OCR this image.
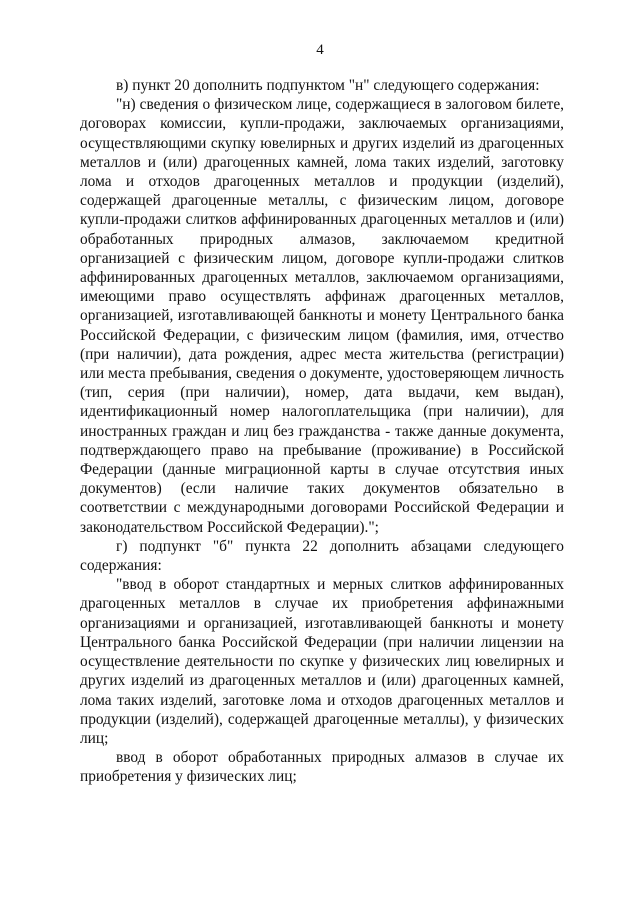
4

в) пункт 20 дополнить подпунктом "н" следующего содержания:

"н) сведения о физическом лице, содержащиеся в залоговом билете, договорах комиссии, купли-продажи, заключаемых организациями, осуществляющими скупку ювелирных и других изделий из драгоценных металлов и (или) драгоценных камней, лома таких изделий, заготовку лома и отходов драгоценных металлов и продукции (изделий), содержащей драгоценные металлы, с физическим лицом, договоре купли-продажи слитков аффинированных драгоценных металлов и (или) обработанных природных алмазов, заключаемом кредитной организацией с физическим лицом, договоре купли-продажи слитков аффинированных драгоценных металлов, заключаемом организациями, имеющими право осуществлять аффинаж драгоценных металлов, организацией, изготавливающей банкноты и монету Центрального банка Российской Федерации, с физическим лицом (фамилия, имя, отчество (при наличии), дата рождения, адрес места жительства (регистрации) или места пребывания, сведения о документе, удостоверяющем личность (тип, серия (при наличии), номер, дата выдачи, кем выдан), идентификационный номер налогоплательщика (при наличии), для иностранных граждан и лиц без гражданства - также данные документа, подтверждающего право на пребывание (проживание) в Российской Федерации (данные миграционной карты в случае отсутствия иных документов) (если наличие таких документов обязательно в соответствии с международными договорами Российской Федерации и законодательством Российской Федерации).";

г) подпункт "б" пункта 22 дополнить абзацами следующего содержания:

"ввод в оборот стандартных и мерных слитков аффинированных драгоценных металлов в случае их приобретения аффинажными организациями и организацией, изготавливающей банкноты и монету Центрального банка Российской Федерации (при наличии лицензии на осуществление деятельности по скупке у физических лиц ювелирных и других изделий из драгоценных металлов и (или) драгоценных камней, лома таких изделий, заготовке лома и отходов драгоценных металлов и продукции (изделий), содержащей драгоценные металлы), у физических лиц;

ввод в оборот обработанных природных алмазов в случае их приобретения у физических лиц;
